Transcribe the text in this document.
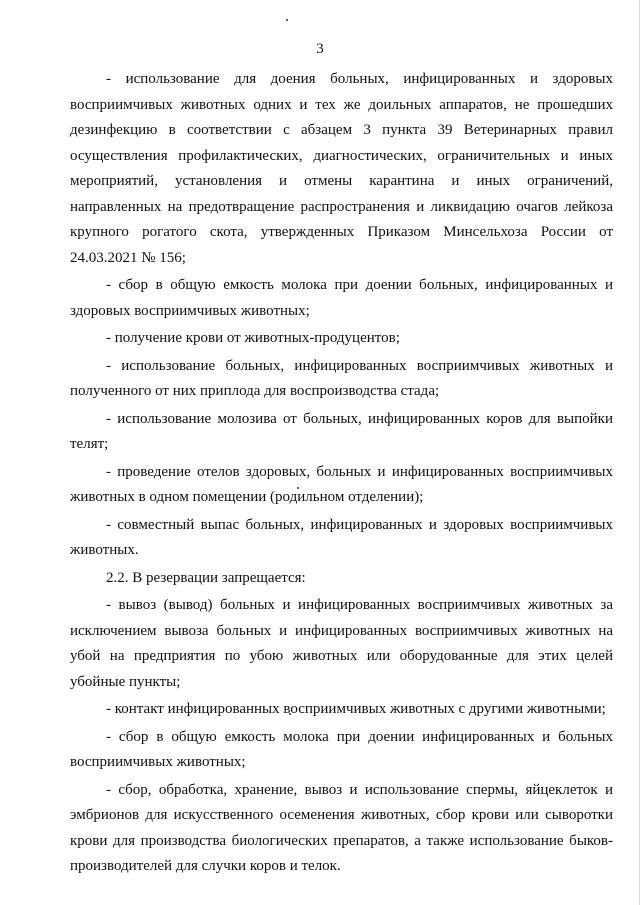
3

- использование для доения больных, инфицированных и здоровых восприимчивых животных одних и тех же доильных аппаратов, не прошедших дезинфекцию в соответствии с абзацем 3 пункта 39 Ветеринарных правил осуществления профилактических, диагностических, ограничительных и иных мероприятий, установления и отмены карантина и иных ограничений, направленных на предотвращение распространения и ликвидацию очагов лейкоза крупного рогатого скота, утвержденных Приказом Минсельхоза России от 24.03.2021 № 156;

- сбор в общую емкость молока при доении больных, инфицированных и здоровых восприимчивых животных;

- получение крови от животных-продуцентов;

- использование больных, инфицированных восприимчивых животных и полученного от них приплода для воспроизводства стада;

- использование молозива от больных, инфицированных коров для выпойки телят;

- проведение отелов здоровых, больных и инфицированных восприимчивых животных в одном помещении (родильном отделении);

- совместный выпас больных, инфицированных и здоровых восприимчивых животных.

2.2. В резервации запрещается:

- вывоз (вывод) больных и инфицированных восприимчивых животных за исключением вывоза больных и инфицированных восприимчивых животных на убой на предприятия по убою животных или оборудованные для этих целей убойные пункты;

- контакт инфицированных восприимчивых животных с другими животными;

- сбор в общую емкость молока при доении инфицированных и больных восприимчивых животных;

- сбор, обработка, хранение, вывоз и использование спермы, яйцеклеток и эмбрионов для искусственного осеменения животных, сбор крови или сыворотки крови для производства биологических препаратов, а также использование быков-производителей для случки коров и телок.
